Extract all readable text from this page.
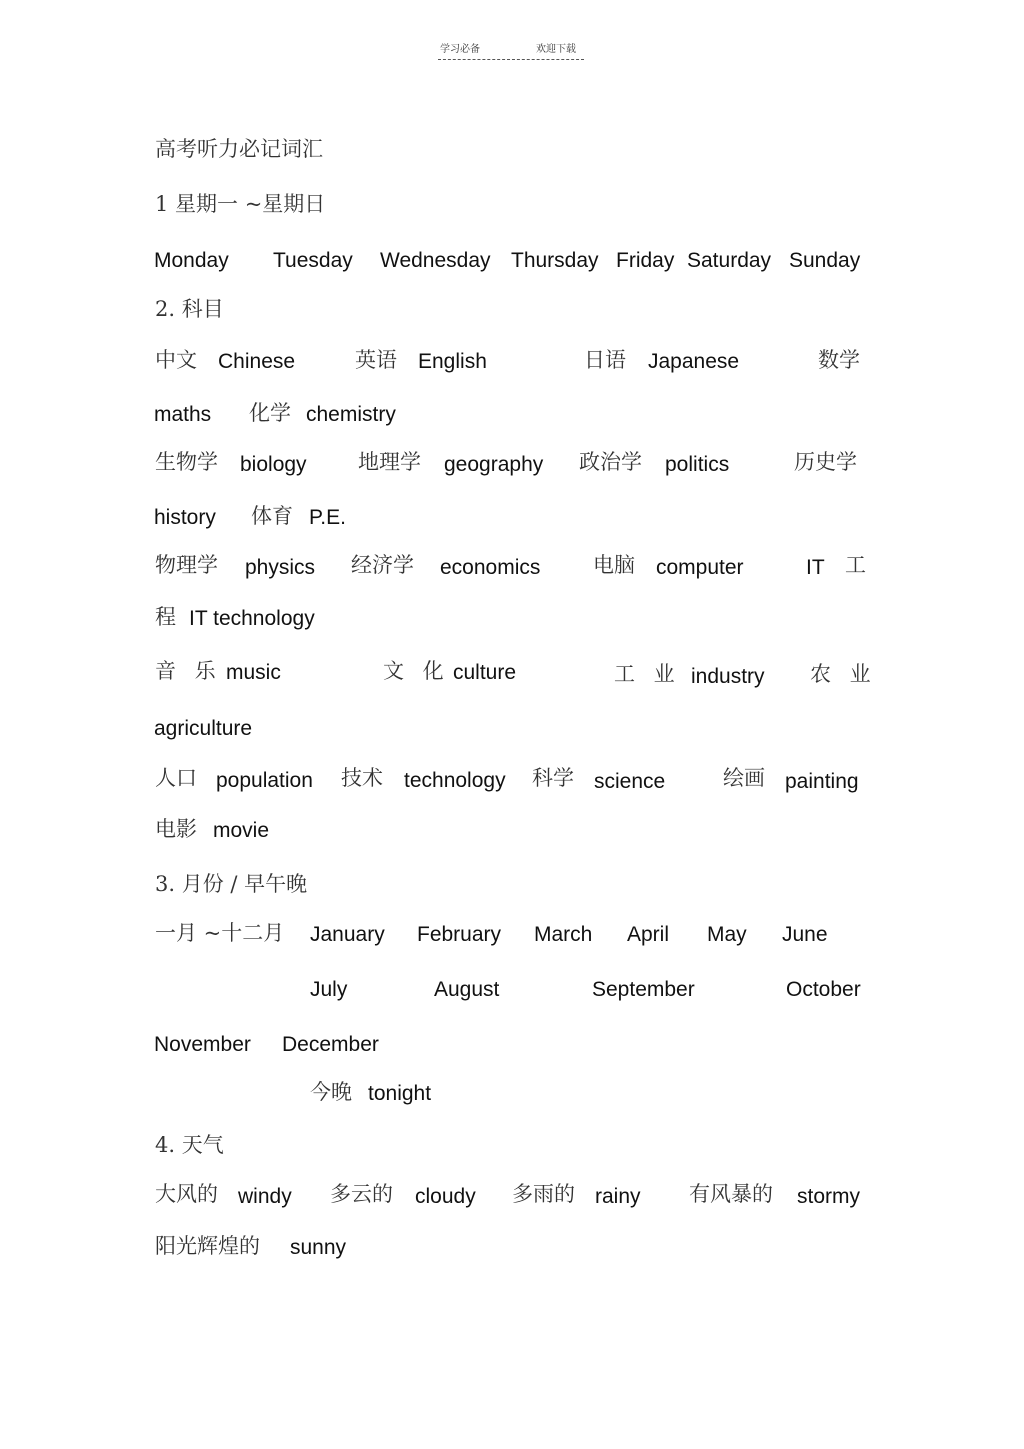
学习必备	欢迎下载
高考听力必记词汇
1 星期一 ~星期日
Monday Tuesday Wednesday Thursday Friday Saturday Sunday
2. 科目
中文 Chinese	英语 English	日语 Japanese	数学
maths 化学 chemistry
生物学 biology 地理学 geography 政治学 politics	历史学
history 体育 P.E.
物理学 physics 经济学 economics	电脑 computer	IT 工
程 IT technology
音 乐 music	文 化 culture	工 业 industry 农 业
agriculture
人口 population 技术 technology 科学 science	绘画 painting
电影 movie
3. 月份 / 早午晚
一月 ~十二月 January February March April May June
July	August	September	October
November December
今晚 tonight
4. 天气
大风的 windy 多云的 cloudy 多雨的 rainy 有风暴的 stormy
阳光辉煌的 sunny
